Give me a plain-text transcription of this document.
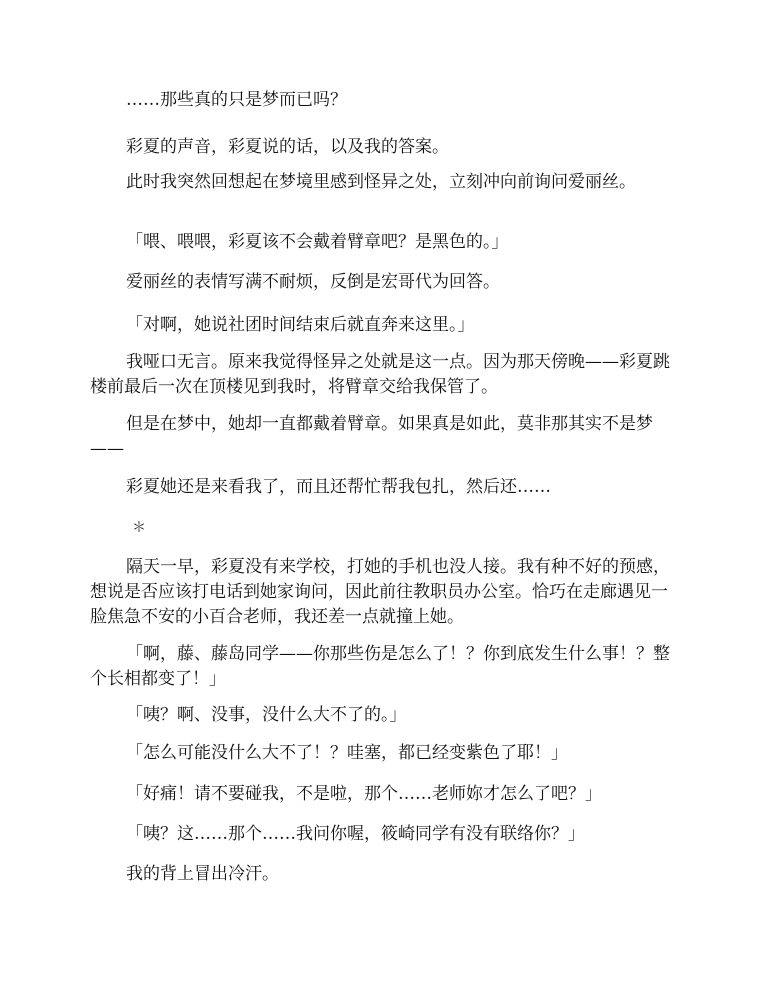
……那些真的只是梦而已吗？

彩夏的声音，彩夏说的话，以及我的答案。

此时我突然回想起在梦境里感到怪异之处，立刻冲向前询问爱丽丝。

「喂、喂喂，彩夏该不会戴着臂章吧？是黑色的。」

爱丽丝的表情写满不耐烦，反倒是宏哥代为回答。

「对啊，她说社团时间结束后就直奔来这里。」

我哑口无言。原来我觉得怪异之处就是这一点。因为那天傍晚——彩夏跳楼前最后一次在顶楼见到我时，将臂章交给我保管了。

但是在梦中，她却一直都戴着臂章。如果真是如此，莫非那其实不是梦——

彩夏她还是来看我了，而且还帮忙帮我包扎，然后还……

＊

隔天一早，彩夏没有来学校，打她的手机也没人接。我有种不好的预感，想说是否应该打电话到她家询问，因此前往教职员办公室。恰巧在走廊遇见一脸焦急不安的小百合老师，我还差一点就撞上她。

「啊，藤、藤岛同学——你那些伤是怎么了！？你到底发生什么事！？整个长相都变了！」

「咦？啊、没事，没什么大不了的。」

「怎么可能没什么大不了！？哇塞，都已经变紫色了耶！」

「好痛！请不要碰我，不是啦，那个……老师妳才怎么了吧？」

「咦？这……那个……我问你喔，筱崎同学有没有联络你？」

我的背上冒出冷汗。
